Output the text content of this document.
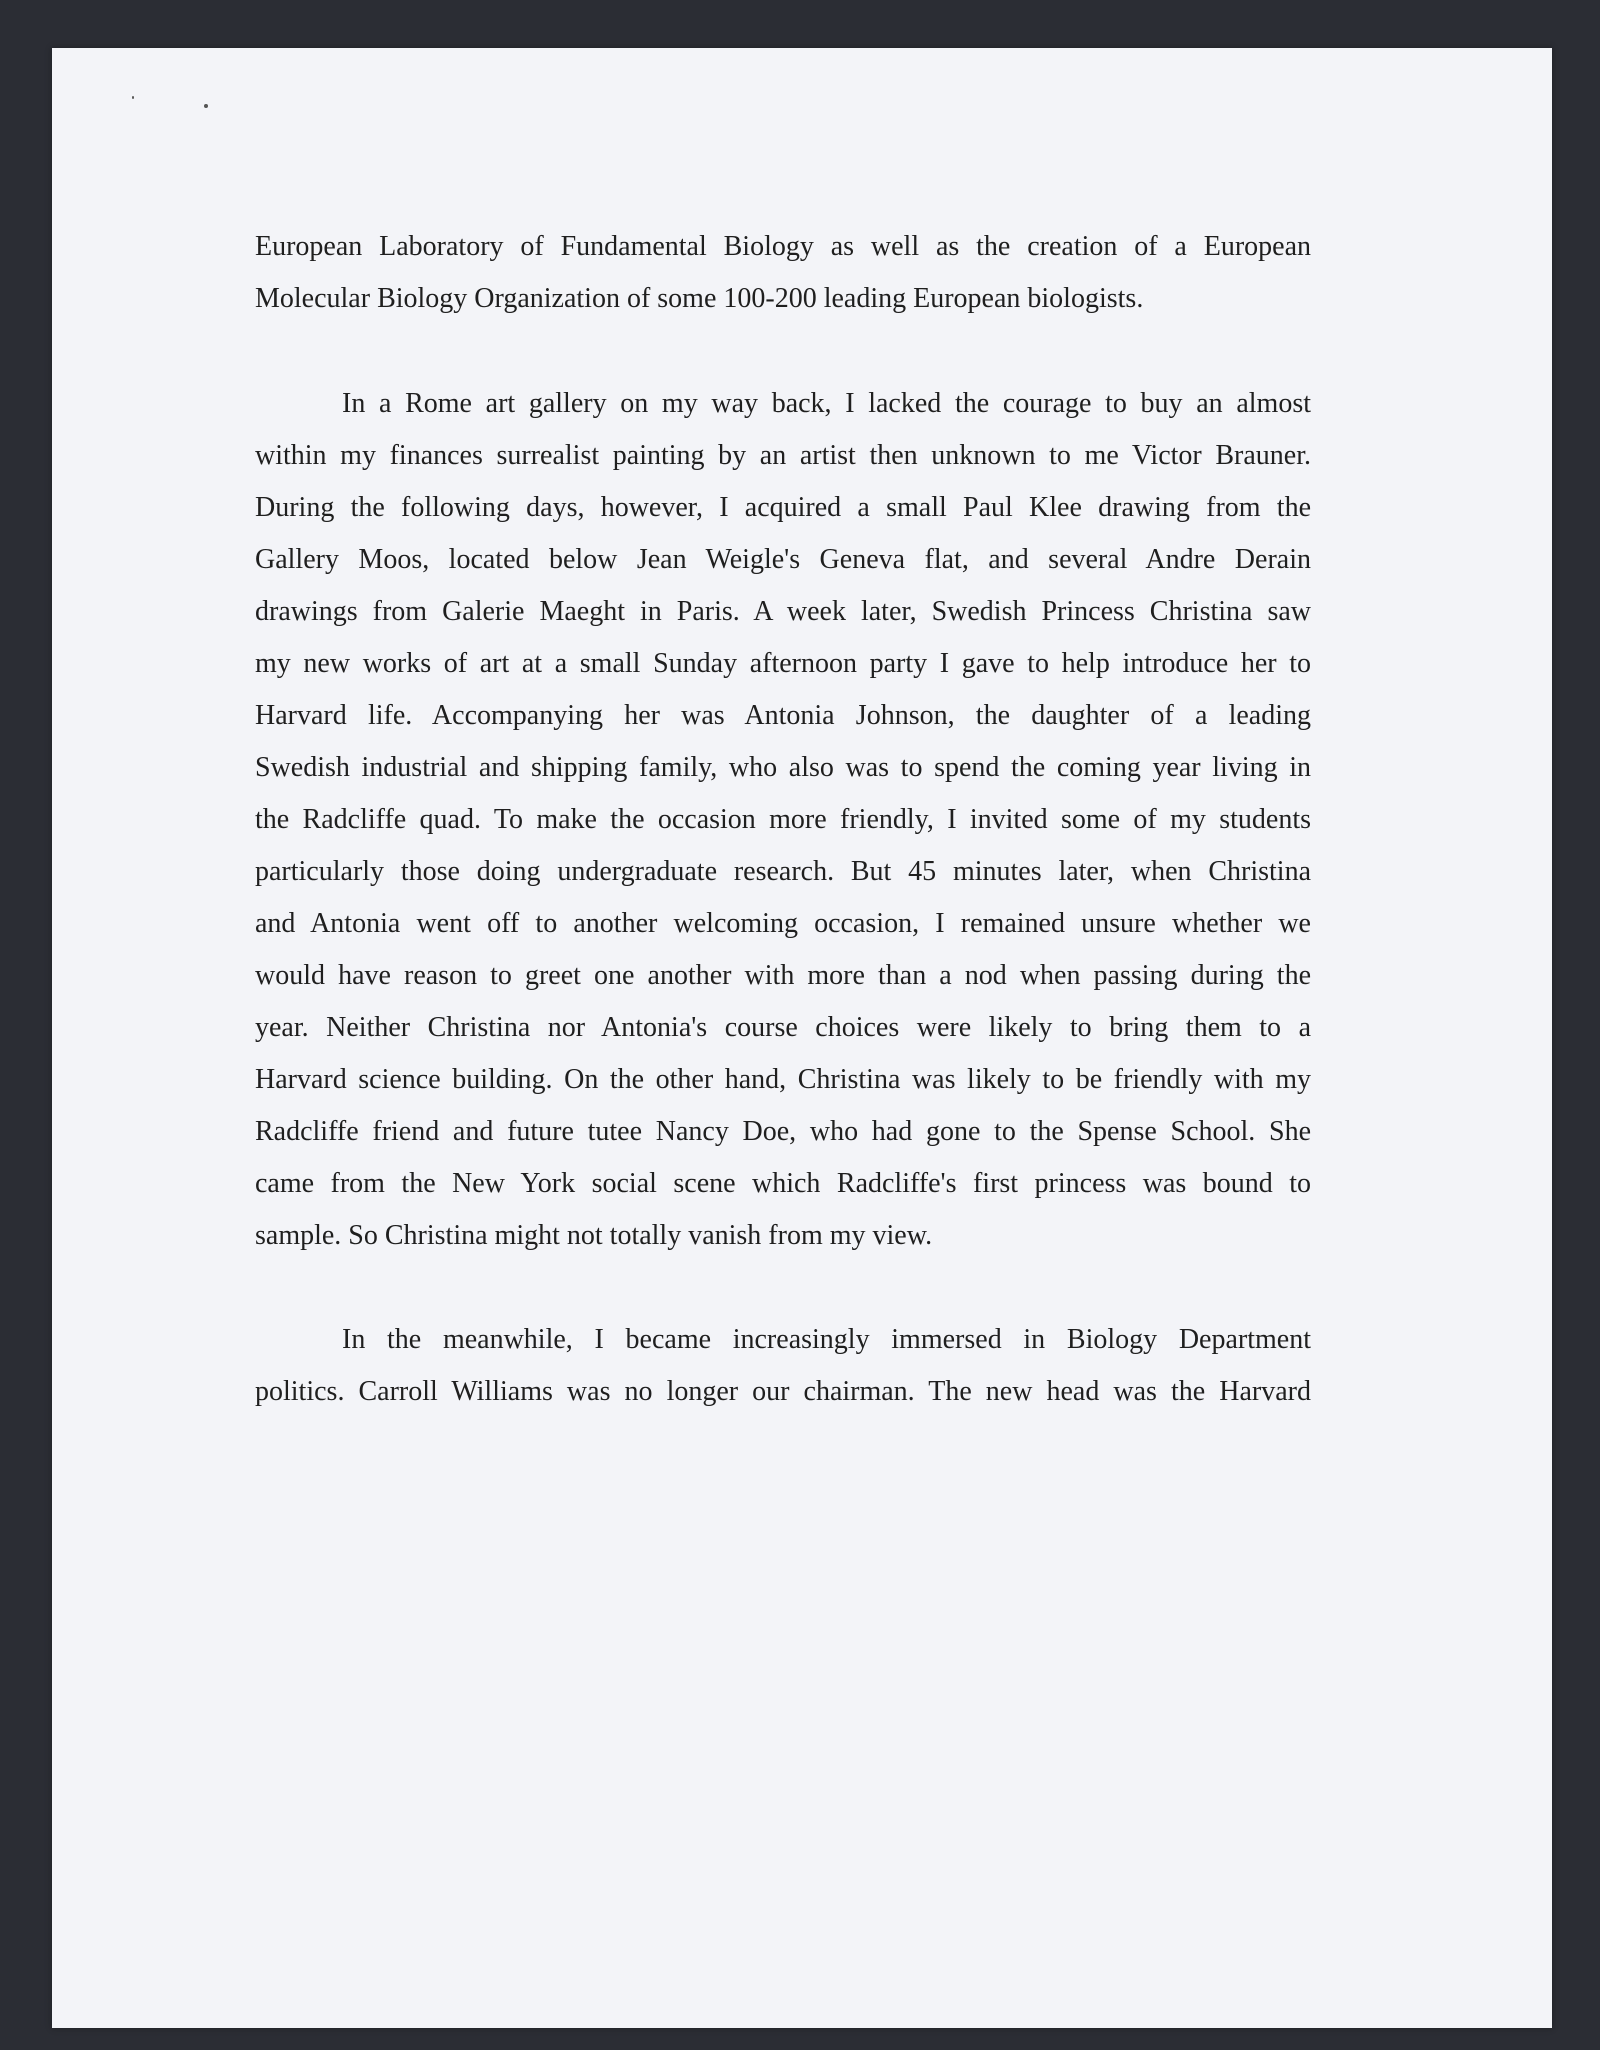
European Laboratory of Fundamental Biology as well as the creation of a European
Molecular Biology Organization of some 100-200 leading European biologists.
In a Rome art gallery on my way back, I lacked the courage to buy an almost
within my finances surrealist painting by an artist then unknown to me Victor Brauner.
During the following days, however, I acquired a small Paul Klee drawing from the
Gallery Moos, located below Jean Weigle's Geneva flat, and several Andre Derain
drawings from Galerie Maeght in Paris. A week later, Swedish Princess Christina saw
my new works of art at a small Sunday afternoon party I gave to help introduce her to
Harvard life. Accompanying her was Antonia Johnson, the daughter of a leading
Swedish industrial and shipping family, who also was to spend the coming year living in
the Radcliffe quad. To make the occasion more friendly, I invited some of my students
particularly those doing undergraduate research. But 45 minutes later, when Christina
and Antonia went off to another welcoming occasion, I remained unsure whether we
would have reason to greet one another with more than a nod when passing during the
year. Neither Christina nor Antonia's course choices were likely to bring them to a
Harvard science building. On the other hand, Christina was likely to be friendly with my
Radcliffe friend and future tutee Nancy Doe, who had gone to the Spense School. She
came from the New York social scene which Radcliffe's first princess was bound to
sample. So Christina might not totally vanish from my view.
In the meanwhile, I became increasingly immersed in Biology Department
politics. Carroll Williams was no longer our chairman. The new head was the Harvard
